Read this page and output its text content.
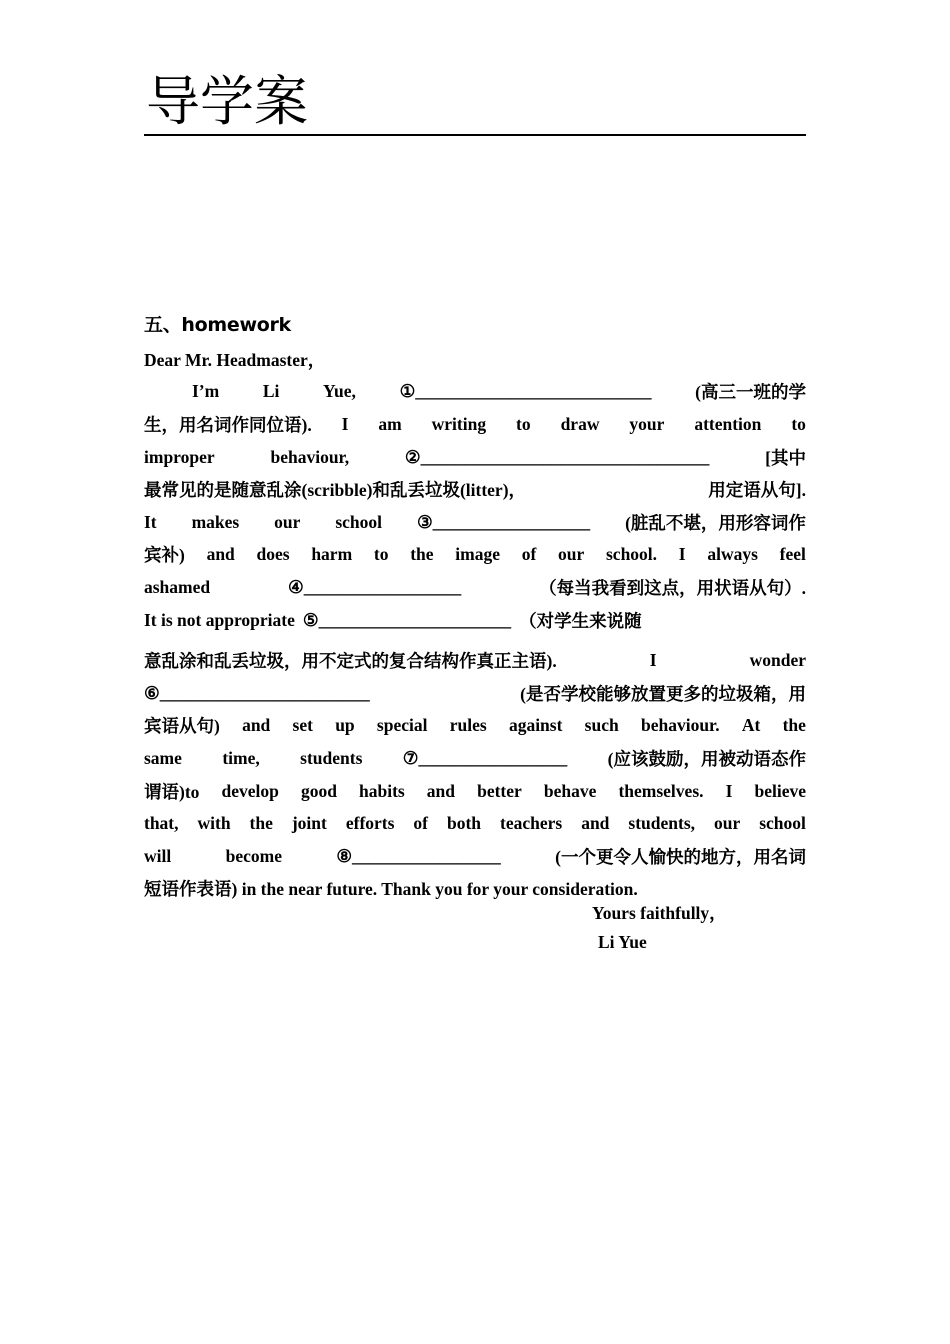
导学案
五、homework
Dear Mr. Headmaster，
I’m Li Yue, ①___________________________ (高三一班的学
生，用名词作同位语). I am writing to draw your attention to
improper	behaviour,	②_________________________________	[其中
最常见的是随意乱涂(scribble)和乱丢垃圾(litter)，	用定语从句].
It makes our school ③__________________ (脏乱不堪，用形容词作
宾补) and does harm to the image of our school. I always feel
ashamed	④__________________	（每当我看到这点，用状语从句）.
It is not appropriate ⑤______________________ （对学生来说随
意乱涂和乱丢垃圾，用不定式的复合结构作真正主语).	I	wonder
⑥________________________	(是否学校能够放置更多的垃圾箱，用
宾语从句) and set up special rules against such behaviour. At the
same time, students ⑦_________________ (应该鼓励，用被动语态作
谓语)to develop good habits and better behave themselves. I believe
that, with the joint efforts of both teachers and students, our school
will	become	⑧_________________	(一个更令人愉快的地方，用名词
短语作表语) in the near future. Thank you for your consideration.
Yours faithfully，
Li Yue
